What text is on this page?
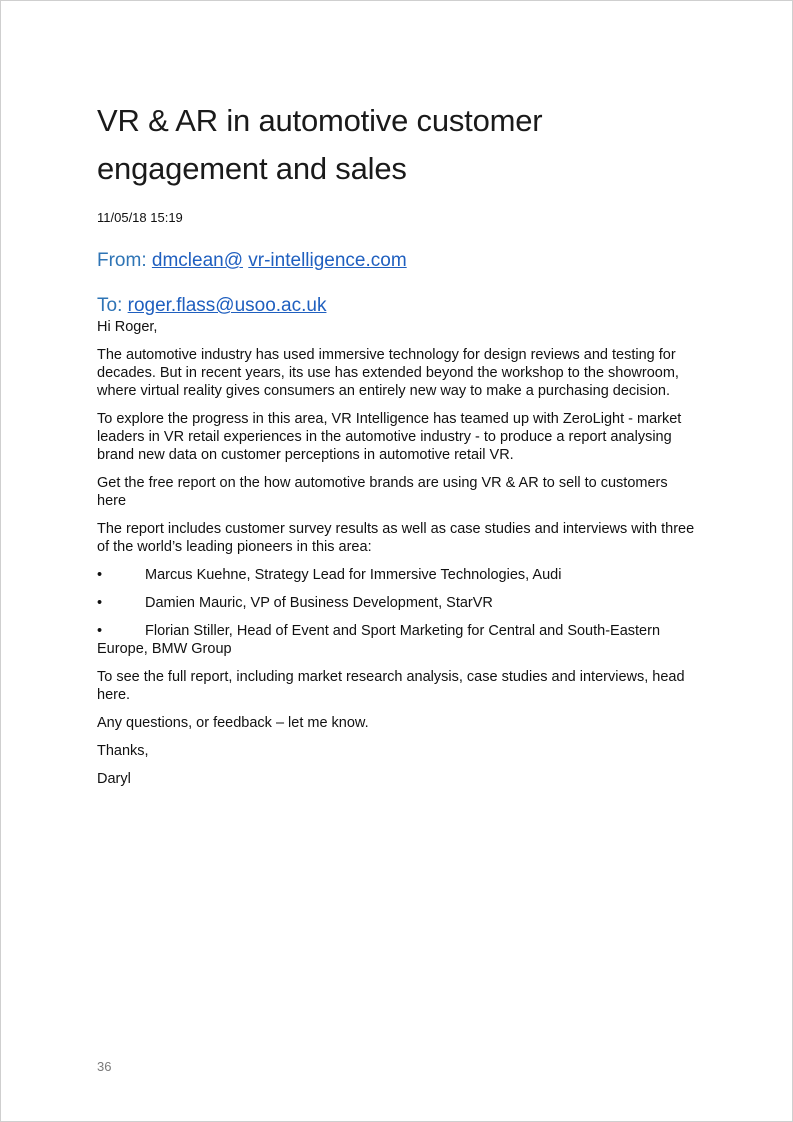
VR & AR in automotive customer
engagement and sales
11/05/18 15:19
From: dmclean@ vr-intelligence.com
To: roger.flass@usoo.ac.uk

Hi Roger,

The automotive industry has used immersive technology for design reviews and testing for decades. But in recent years, its use has extended beyond the workshop to the showroom, where virtual reality gives consumers an entirely new way to make a purchasing decision.

To explore the progress in this area, VR Intelligence has teamed up with ZeroLight - market leaders in VR retail experiences in the automotive industry - to produce a report analysing brand new data on customer perceptions in automotive retail VR.

Get the free report on the how automotive brands are using VR & AR to sell to customers here

The report includes customer survey results as well as case studies and interviews with three of the world’s leading pioneers in this area:

•	Marcus Kuehne, Strategy Lead for Immersive Technologies, Audi

•	Damien Mauric, VP of Business Development, StarVR

•	Florian Stiller, Head of Event and Sport Marketing for Central and South-Eastern Europe, BMW Group

To see the full report, including market research analysis, case studies and interviews, head here.

Any questions, or feedback – let me know.

Thanks,

Daryl

36
